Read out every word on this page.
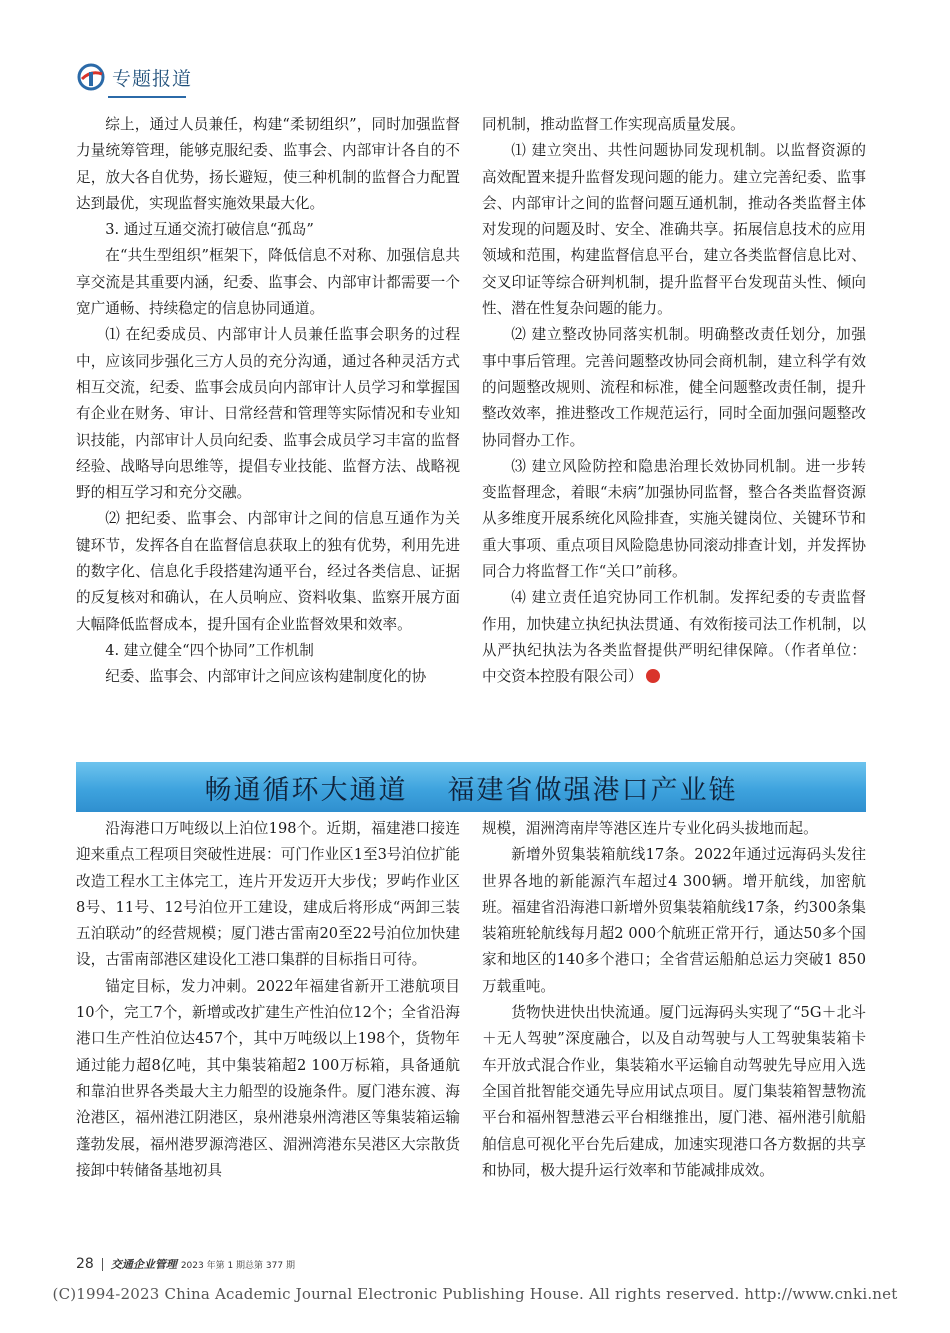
专题报道

综上，通过人员兼任，构建“柔韧组织”，同时加强监督力量统筹管理，能够克服纪委、监事会、内部审计各自的不足，放大各自优势，扬长避短，使三种机制的监督合力配置达到最优，实现监督实施效果最大化。

3. 通过互通交流打破信息“孤岛”

在“共生型组织”框架下，降低信息不对称、加强信息共享交流是其重要内涵，纪委、监事会、内部审计都需要一个宽广通畅、持续稳定的信息协同通道。

⑴ 在纪委成员、内部审计人员兼任监事会职务的过程中，应该同步强化三方人员的充分沟通，通过各种灵活方式相互交流，纪委、监事会成员向内部审计人员学习和掌握国有企业在财务、审计、日常经营和管理等实际情况和专业知识技能，内部审计人员向纪委、监事会成员学习丰富的监督经验、战略导向思维等，提倡专业技能、监督方法、战略视野的相互学习和充分交融。

⑵ 把纪委、监事会、内部审计之间的信息互通作为关键环节，发挥各自在监督信息获取上的独有优势，利用先进的数字化、信息化手段搭建沟通平台，经过各类信息、证据的反复核对和确认，在人员响应、资料收集、监察开展方面大幅降低监督成本，提升国有企业监督效果和效率。

4. 建立健全“四个协同”工作机制

纪委、监事会、内部审计之间应该构建制度化的协

同机制，推动监督工作实现高质量发展。

⑴ 建立突出、共性问题协同发现机制。以监督资源的高效配置来提升监督发现问题的能力。建立完善纪委、监事会、内部审计之间的监督问题互通机制，推动各类监督主体对发现的问题及时、安全、准确共享。拓展信息技术的应用领域和范围，构建监督信息平台，建立各类监督信息比对、交叉印证等综合研判机制，提升监督平台发现苗头性、倾向性、潜在性复杂问题的能力。

⑵ 建立整改协同落实机制。明确整改责任划分，加强事中事后管理。完善问题整改协同会商机制，建立科学有效的问题整改规则、流程和标准，健全问题整改责任制，提升整改效率，推进整改工作规范运行，同时全面加强问题整改协同督办工作。

⑶ 建立风险防控和隐患治理长效协同机制。进一步转变监督理念，着眼“未病”加强协同监督，整合各类监督资源从多维度开展系统化风险排查，实施关键岗位、关键环节和重大事项、重点项目风险隐患协同滚动排查计划，并发挥协同合力将监督工作“关口”前移。

⑷ 建立责任追究协同工作机制。发挥纪委的专责监督作用，加快建立执纪执法贯通、有效衔接司法工作机制，以从严执纪执法为各类监督提供严明纪律保障。（作者单位：中交资本控股有限公司）

畅通循环大通道 福建省做强港口产业链

沿海港口万吨级以上泊位198个。近期，福建港口接连迎来重点工程项目突破性进展：可门作业区1至3号泊位扩能改造工程水工主体完工，连片开发迈开大步伐；罗屿作业区8号、11号、12号泊位开工建设，建成后将形成“两卸三装五泊联动”的经营规模；厦门港古雷南20至22号泊位加快建设，古雷南部港区建设化工港口集群的目标指日可待。

锚定目标，发力冲刺。2022年福建省新开工港航项目10个，完工7个，新增或改扩建生产性泊位12个；全省沿海港口生产性泊位达457个，其中万吨级以上198个，货物年通过能力超8亿吨，其中集装箱超2 100万标箱，具备通航和靠泊世界各类最大主力船型的设施条件。厦门港东渡、海沧港区，福州港江阴港区，泉州港泉州湾港区等集装箱运输蓬勃发展，福州港罗源湾港区、湄洲湾港东吴港区大宗散货接卸中转储备基地初具

规模，湄洲湾南岸等港区连片专业化码头拔地而起。

新增外贸集装箱航线17条。2022年通过远海码头发往世界各地的新能源汽车超过4 300辆。增开航线，加密航班。福建省沿海港口新增外贸集装箱航线17条，约300条集装箱班轮航线每月超2 000个航班正常开行，通达50多个国家和地区的140多个港口；全省营运船舶总运力突破1 850万载重吨。

货物快进快出快流通。厦门远海码头实现了“5G＋北斗＋无人驾驶”深度融合，以及自动驾驶与人工驾驶集装箱卡车开放式混合作业，集装箱水平运输自动驾驶先导应用入选全国首批智能交通先导应用试点项目。厦门集装箱智慧物流平台和福州智慧港云平台相继推出，厦门港、福州港引航船舶信息可视化平台先后建成，加速实现港口各方数据的共享和协同，极大提升运行效率和节能减排成效。

28 交通企业管理 2023 年第 1 期总第 377 期
(C)1994-2023 China Academic Journal Electronic Publishing House. All rights reserved. http://www.cnki.net
